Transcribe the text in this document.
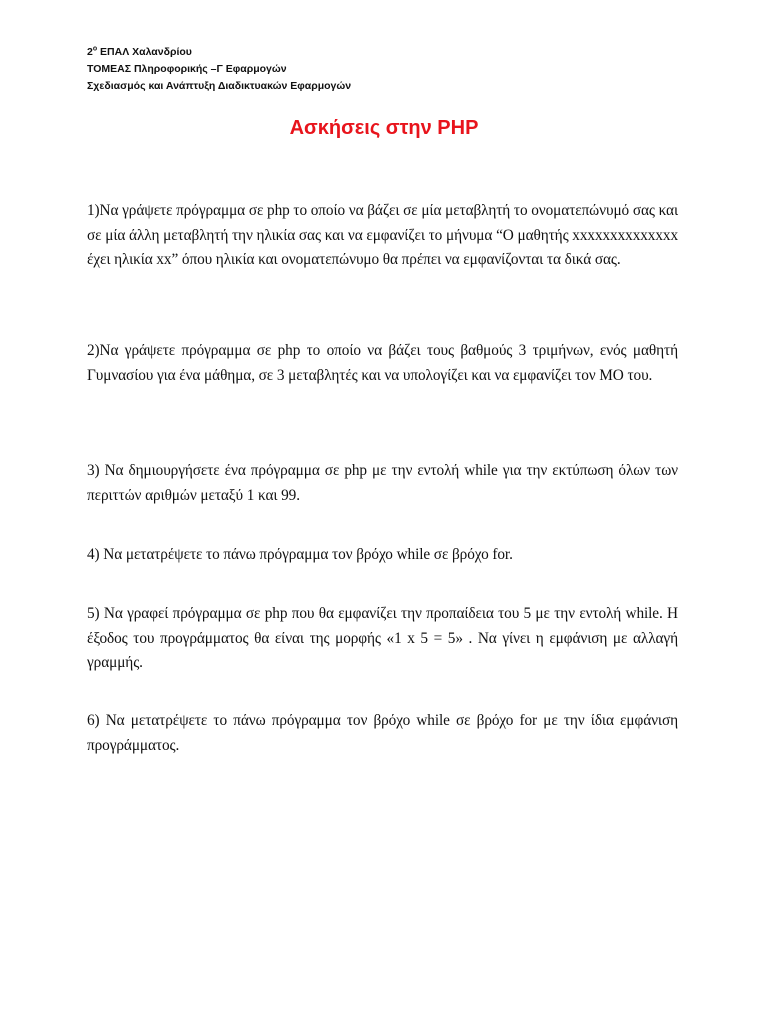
$2^o$ ΕΠΑΛ Χαλανδρίου
ΤΟΜΕΑΣ Πληροφορικής –Γ Εφαρμογών
Σχεδιασμός και Ανάπτυξη Διαδικτυακών Εφαρμογών
Ασκήσεις στην PHP
1)Να γράψετε πρόγραμμα σε php το οποίο να βάζει σε μία μεταβλητή το ονοματεπώνυμό σας και σε μία άλλη μεταβλητή την ηλικία σας και να εμφανίζει το μήνυμα “Ο μαθητής xxxxxxxxxxxxxx έχει ηλικία xx” όπου ηλικία και ονοματεπώνυμο θα πρέπει να εμφανίζονται τα δικά σας.
2)Να γράψετε πρόγραμμα σε php το οποίο να βάζει τους βαθμούς 3 τριμήνων, ενός μαθητή Γυμνασίου για ένα μάθημα, σε 3 μεταβλητές και να υπολογίζει και να εμφανίζει τον ΜΟ του.
3) Να δημιουργήσετε ένα πρόγραμμα σε php με την εντολή while για την εκτύπωση όλων των περιττών αριθμών μεταξύ 1 και 99.
4) Να μετατρέψετε το πάνω πρόγραμμα τον βρόχο while σε βρόχο for.
5) Να γραφεί πρόγραμμα σε php που θα εμφανίζει την προπαίδεια του 5 με την εντολή while. Η έξοδος του προγράμματος θα είναι της μορφής «1 x 5 = 5» . Να γίνει η εμφάνιση με αλλαγή γραμμής.
6) Να μετατρέψετε το πάνω πρόγραμμα τον βρόχο while σε βρόχο for με την ίδια εμφάνιση προγράμματος.
